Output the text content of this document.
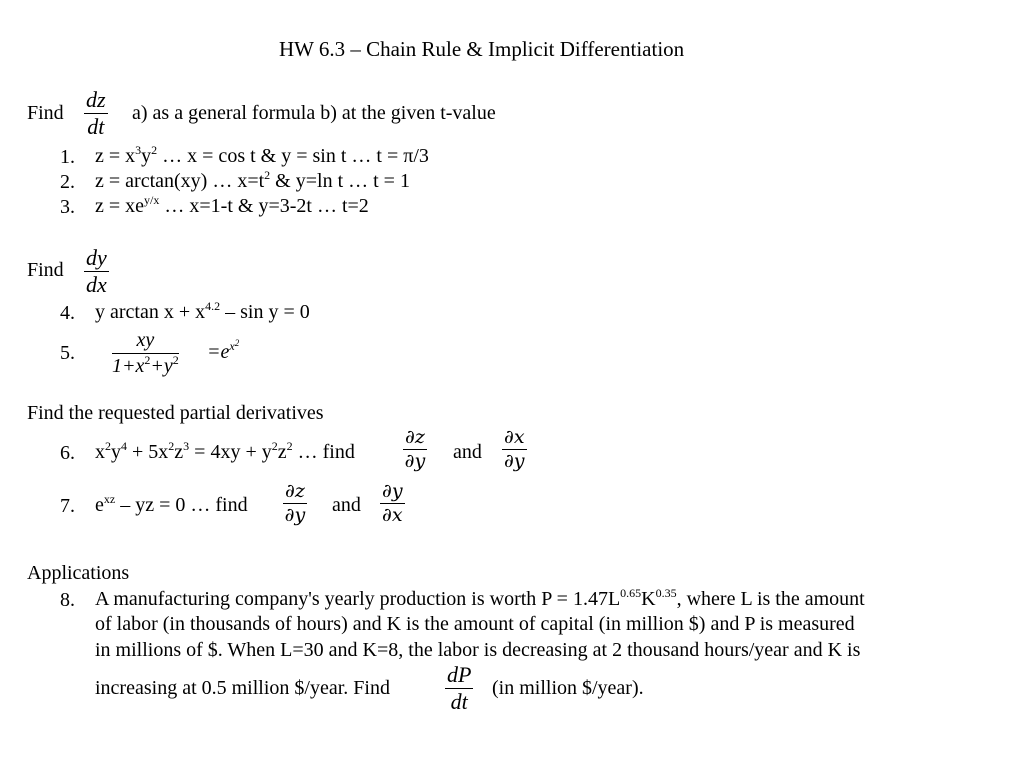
HW 6.3 – Chain Rule & Implicit Differentiation
Find $\frac{dz}{dt} a$) as a general formula b) at the given t-value
1. $z = x^3y^2$ … x = cos t & y = sin t … t = π/3
2. z = arctan(xy) … $x=t^2$ & y=ln t … t = 1
3. $z = xe^{y/x}$ … x=1-t & y=3-2t … t=2
Find $\frac{dy}{dx}$
4. y $\arctan x + x^{4.2} - \sin y = 0$
5. $\frac{xy}{1+x^2+y^2} =e^{x^2}$
Find the requested partial derivatives
6. $x^2y^4 + 5x^2z^3 = 4xy + y^2z^2$ … find	$\frac{\partial z}{\partial y}$ and $\frac{\partial x}{\partial y}$
7. $e^{xz}$ – yz = 0 … find $\frac{\partial z}{\partial y}$ and $\frac{\partial y}{\partial x}$
Applications
8. A manufacturing company's yearly production is worth $P = 1.47L^{0.65}K^{0.35}$, where L is the amount
of labor (in thousands of hours) and K is the amount of capital (in million $) and P is measured
in millions of $. When L=30 and K=8, the labor is decreasing at 2 thousand hours/year and K is
increasing at 0.5 million $/year. Find	$\frac{dP}{dt} (in$ million $/year).
